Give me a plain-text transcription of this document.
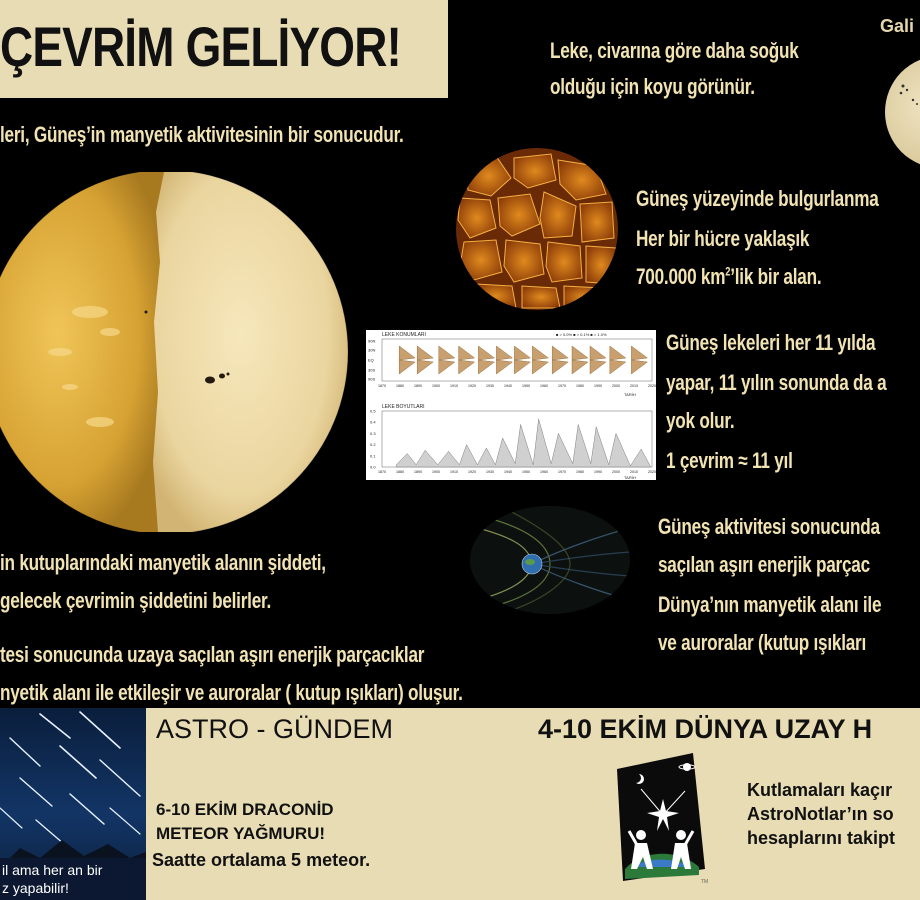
ÇEVRİM GELİYOR!	Leke, civarına göre daha soğuk
olduğu için koyu görünür.
Gali
leri, Güneş’in manyetik aktivitesinin bir sonucudur.
Güneş yüzeyinde bulgurlanma
Her bir hücre yaklaşık
700.000 $km^2’lik$ bir alan.
LEKE KONUMLARI	■ > 0.0% ■ > 0.1% ■ > 1.0%
90N
30N
EQ
30S
90S
1870	1880	1890	1900	1910	1920	1930	1940	1950	1960	1970	1980	1990	2000	2010	2020
TARİH
LEKE BOYUTLARI
0.5
0.4
0.3
0.2
0.1
0.0
1870	1880	1890	1900	1910	1920	1930	1940	1950	1960	1970	1980	1990	2000	2010	2020
TARİH
Güneş lekeleri her 11 yılda
yapar, 11 yılın sonunda da a
yok olur.
1 çevrim ≈ 11 yıl
Güneş aktivitesi sonucunda
saçılan aşırı enerjik parçac
Dünya’nın manyetik alanı ile
ve auroralar (kutup ışıkları
in kutuplarındaki manyetik alanın şiddeti,
gelecek çevrimin şiddetini belirler.
tesi sonucunda uzaya saçılan aşırı enerjik parçacıklar
nyetik alanı ile etkileşir ve auroralar ( kutup ışıkları) oluşur.
il ama her an bir
z yapabilir!
ASTRO - GÜNDEM
6-10 EKİM DRACONİD
METEOR YAĞMURU!
Saatte ortalama 5 meteor.
4-10 EKİM DÜNYA UZAY H
TM
Kutlamaları kaçır
AstroNotlar’ın so
hesaplarını takipt
